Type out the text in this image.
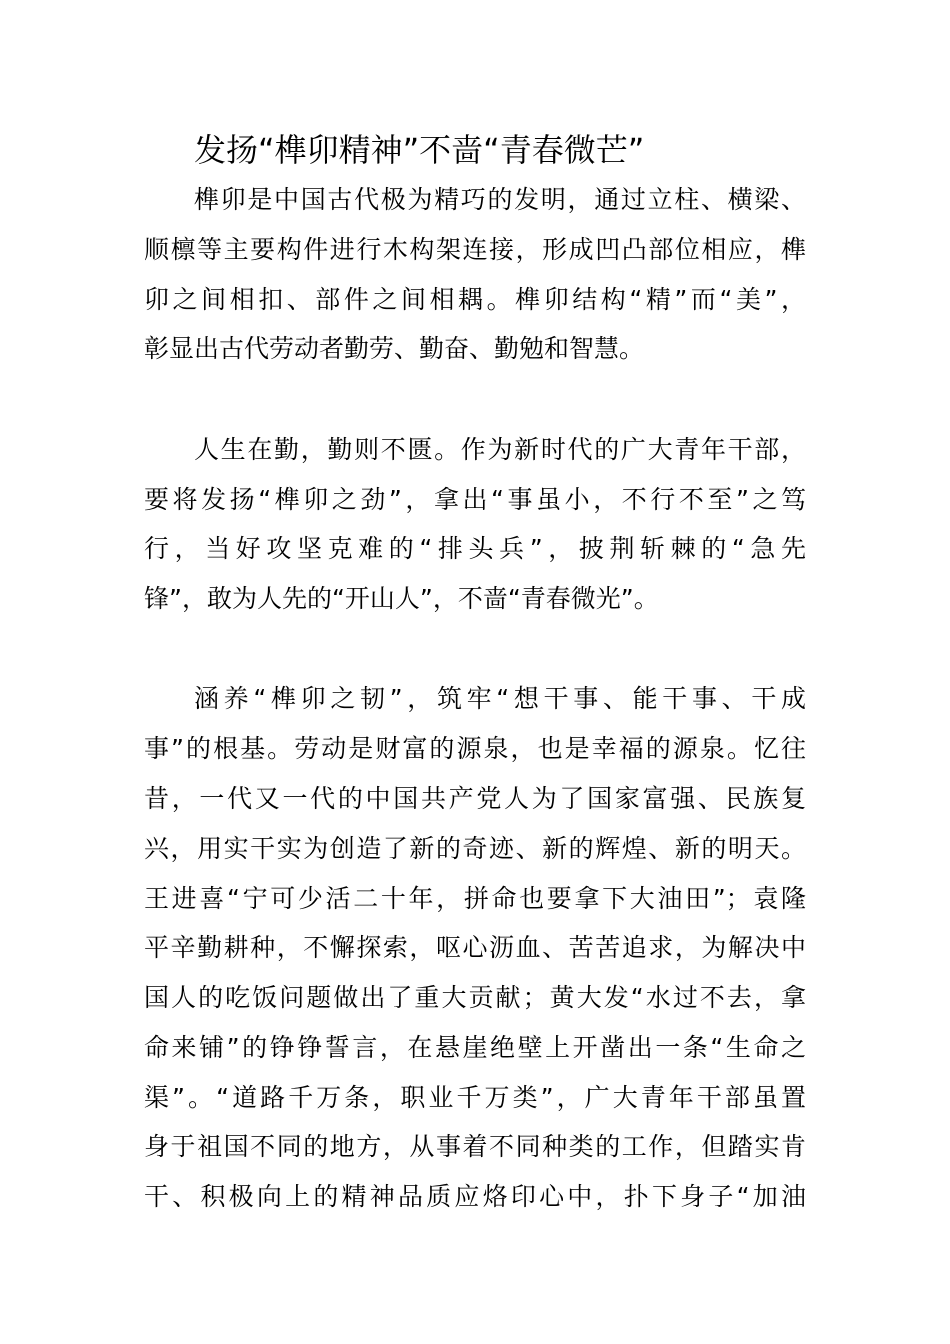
发扬“榫卯精神”不啬“青春微芒”
榫卯是中国古代极为精巧的发明，通过立柱、横梁、
顺檩等主要构件进行木构架连接，形成凹凸部位相应，榫
卯之间相扣、部件之间相耦。榫卯结构“精”而“美”，
彰显出古代劳动者勤劳、勤奋、勤勉和智慧。
人生在勤，勤则不匮。作为新时代的广大青年干部，
要将发扬“榫卯之劲”，拿出“事虽小，不行不至”之笃
行，当好攻坚克难的“排头兵”，披荆斩棘的“急先
锋”，敢为人先的“开山人”，不啬“青春微光”。
涵养“榫卯之韧”，筑牢“想干事、能干事、干成
事”的根基。劳动是财富的源泉，也是幸福的源泉。忆往
昔，一代又一代的中国共产党人为了国家富强、民族复
兴，用实干实为创造了新的奇迹、新的辉煌、新的明天。
王进喜“宁可少活二十年，拼命也要拿下大油田”；袁隆
平辛勤耕种，不懈探索，呕心沥血、苦苦追求，为解决中
国人的吃饭问题做出了重大贡献；黄大发“水过不去，拿
命来铺”的铮铮誓言，在悬崖绝壁上开凿出一条“生命之
渠”。“道路千万条，职业千万类”，广大青年干部虽置
身于祖国不同的地方，从事着不同种类的工作，但踏实肯
干、积极向上的精神品质应烙印心中，扑下身子“加油
